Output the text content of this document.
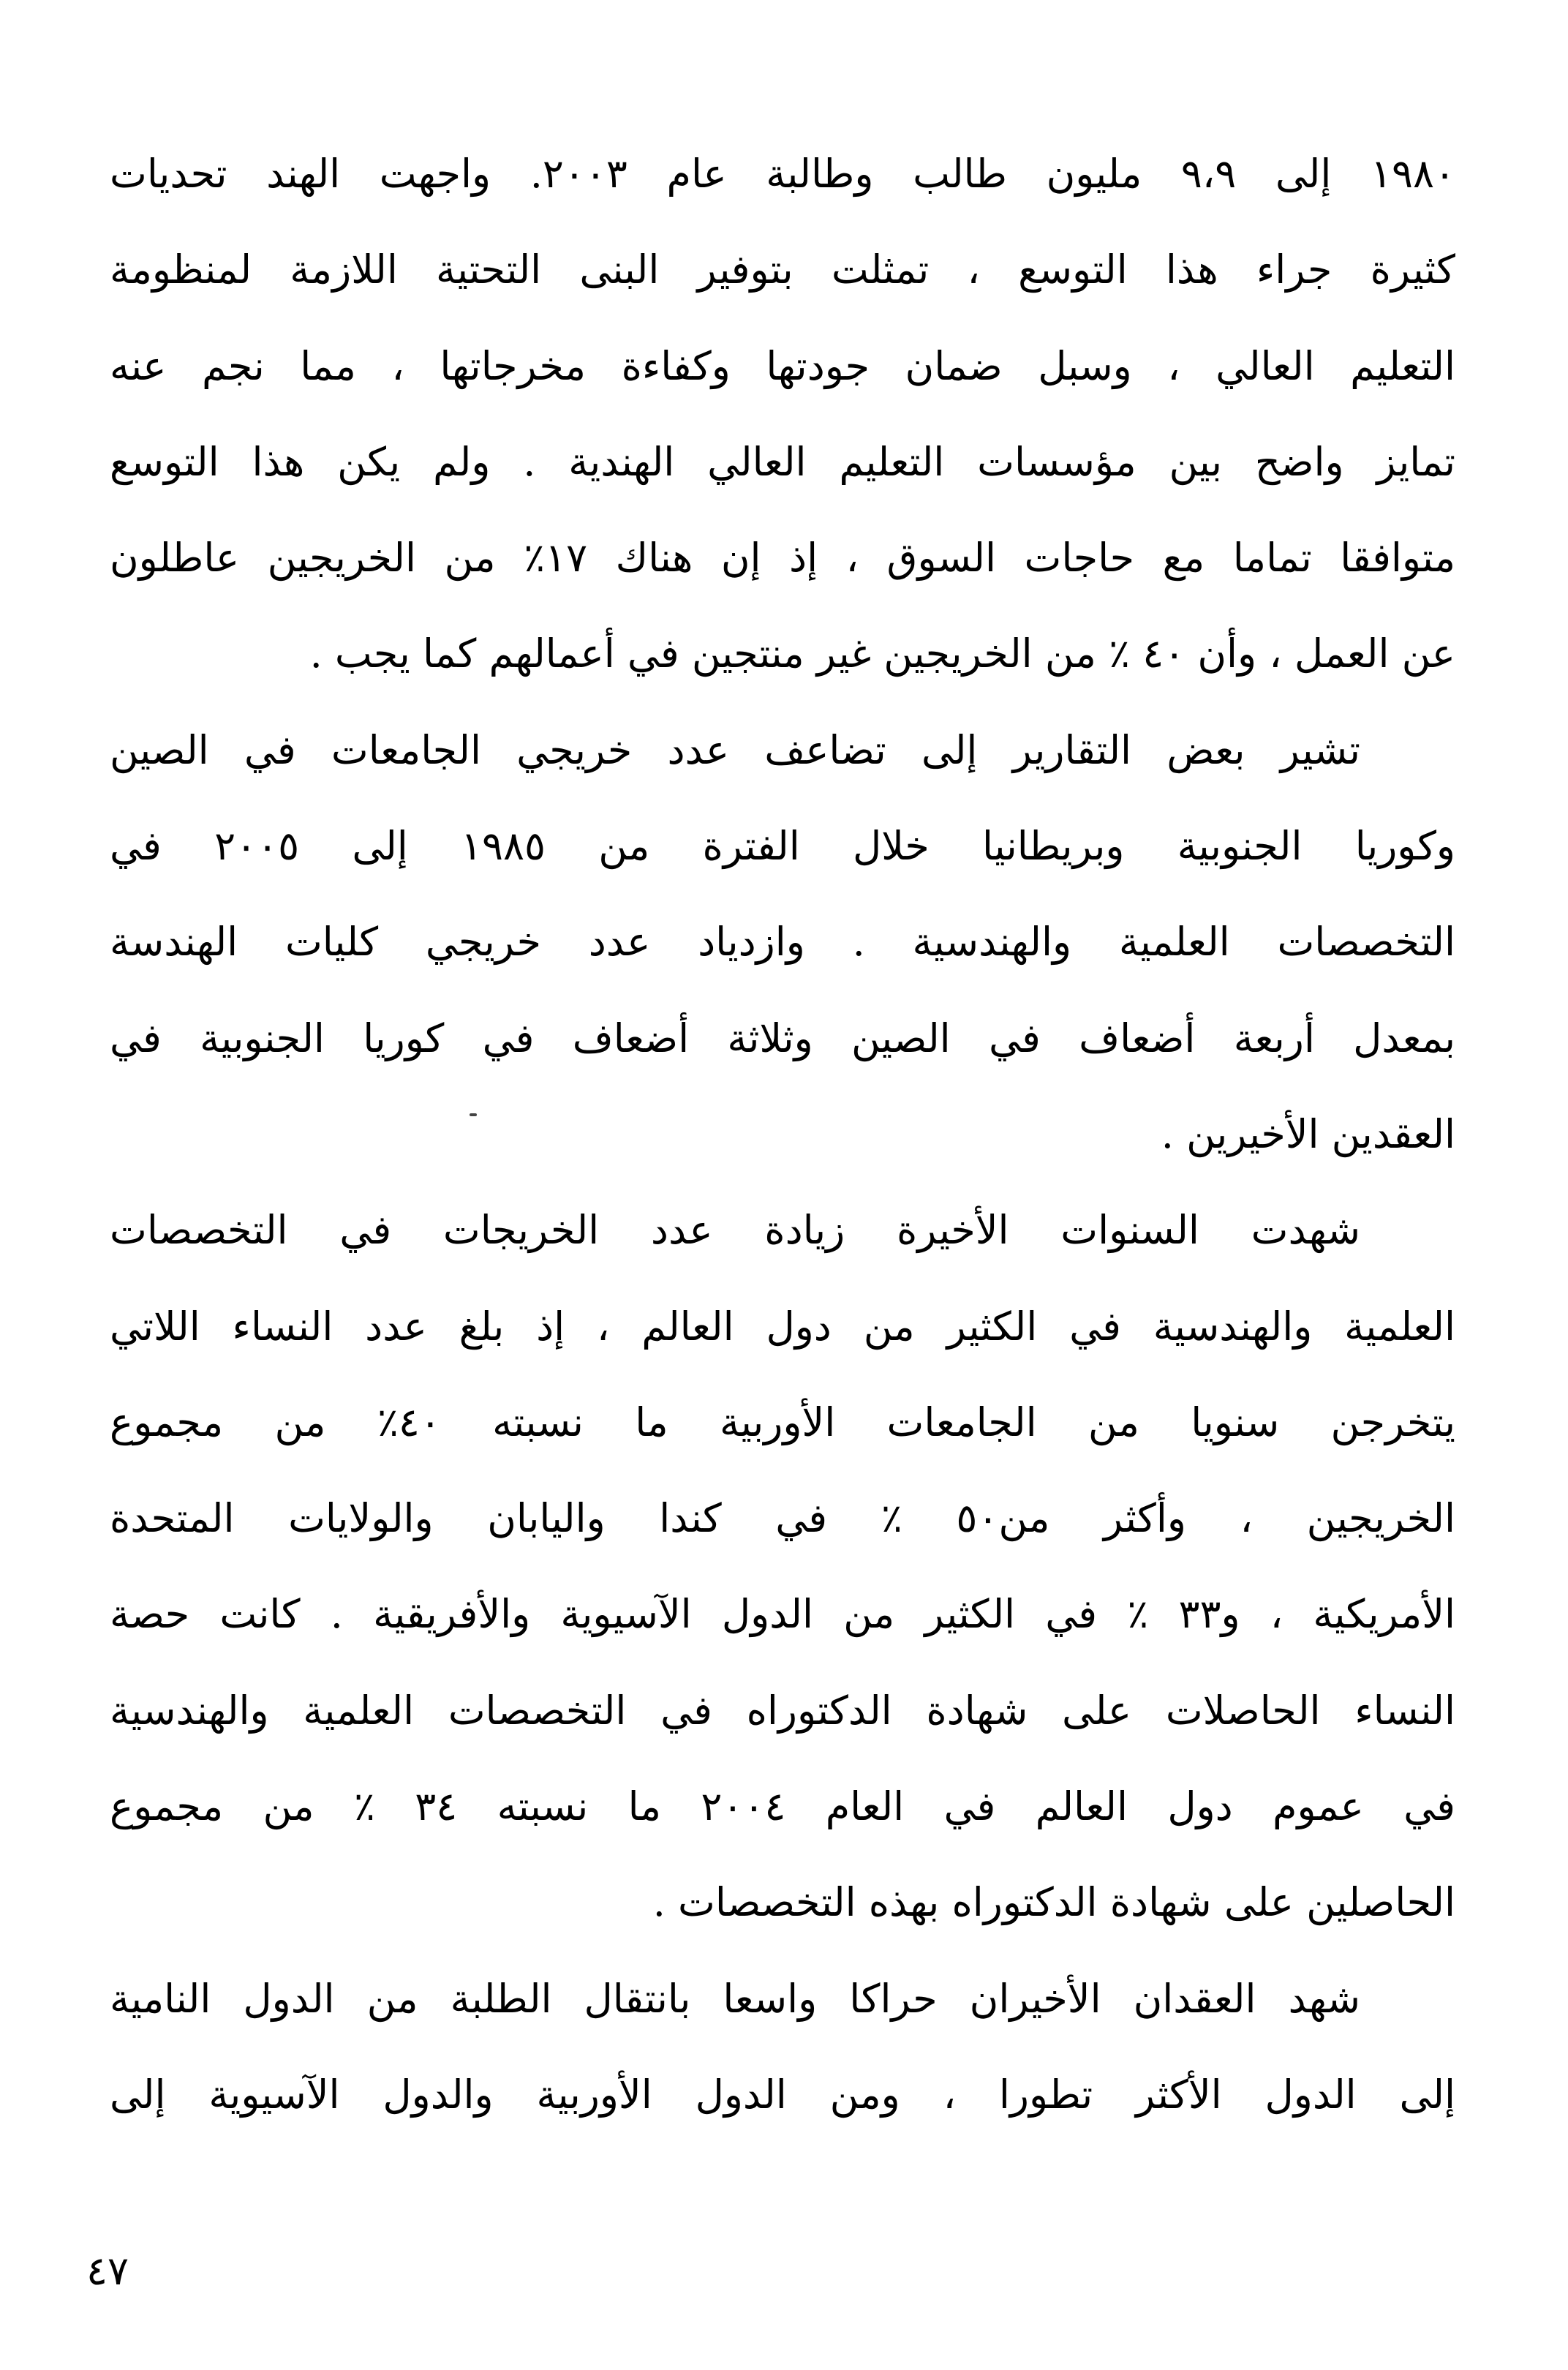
١٩٨٠ إلى ٩،٩ مليون طالب وطالبة عام ٢٠٠٣. واجهت الهند تحديات
كثيرة جراء هذا التوسع ، تمثلت بتوفير البنى التحتية اللازمة لمنظومة
التعليم العالي ، وسبل ضمان جودتها وكفاءة مخرجاتها ، مما نجم عنه
تمايز واضح بين مؤسسات التعليم العالي الهندية . ولم يكن هذا التوسع
متوافقا تماما مع حاجات السوق ، إذ إن هناك ١٧٪ من الخريجين عاطلون
عن العمل ، وأن ٤٠ ٪ من الخريجين غير منتجين في أعمالهم كما يجب .
تشير بعض التقارير إلى تضاعف عدد خريجي الجامعات في الصين
وكوريا الجنوبية وبريطانيا خلال الفترة من ١٩٨٥ إلى ٢٠٠٥ في
التخصصات العلمية والهندسية . وازدياد عدد خريجي كليات الهندسة
بمعدل أربعة أضعاف في الصين وثلاثة أضعاف في كوريا الجنوبية في
العقدين الأخيرين .
شهدت السنوات الأخيرة زيادة عدد الخريجات في التخصصات
العلمية والهندسية في الكثير من دول العالم ، إذ بلغ عدد النساء اللاتي
يتخرجن سنويا من الجامعات الأوربية ما نسبته ٤٠٪ من مجموع
الخريجين ، وأكثر من٥٠ ٪ في كندا واليابان والولايات المتحدة
الأمريكية ، و٣٣ ٪ في الكثير من الدول الآسيوية والأفريقية . كانت حصة
النساء الحاصلات على شهادة الدكتوراه في التخصصات العلمية والهندسية
في عموم دول العالم في العام ٢٠٠٤ ما نسبته ٣٤ ٪ من مجموع
الحاصلين على شهادة الدكتوراه بهذه التخصصات .
شهد العقدان الأخيران حراكا واسعا بانتقال الطلبة من الدول النامية
إلى الدول الأكثر تطورا ، ومن الدول الأوربية والدول الآسيوية إلى
٤٧
